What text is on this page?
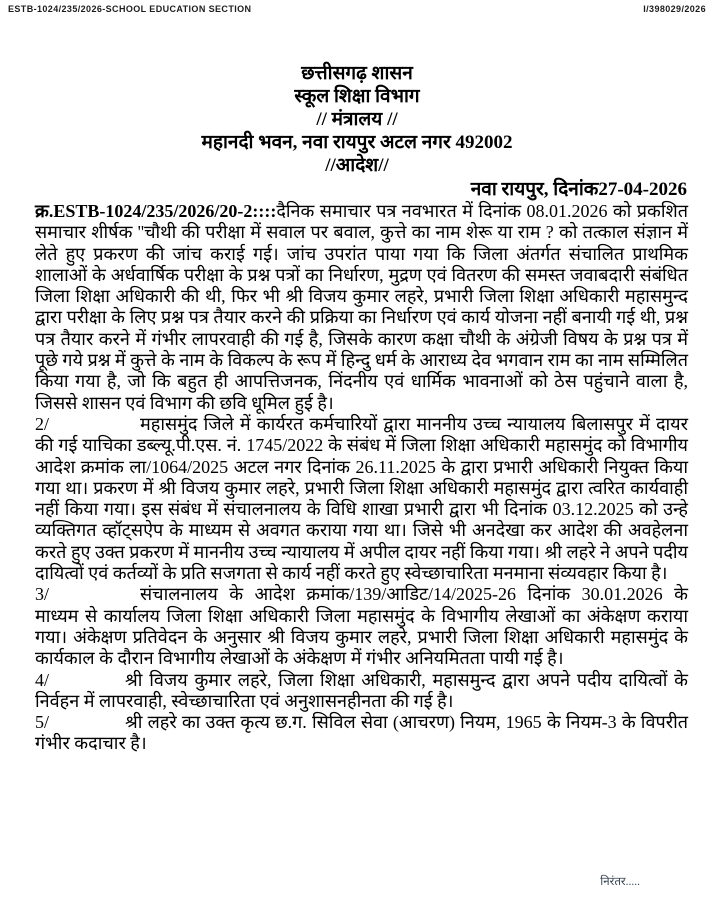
ESTB-1024/235/2026-SCHOOL EDUCATION SECTION	I/398029/2026
छत्तीसगढ़ शासन
स्कूल शिक्षा विभाग
// मंत्रालय //
महानदी भवन, नवा रायपुर अटल नगर 492002
//आदेश//
नवा रायपुर, दिनांक27-04-2026

क्र.ESTB-1024/235/2026/20-2::::दैनिक समाचार पत्र नवभारत में दिनांक 08.01.2026 को प्रकशित समाचार शीर्षक ''चौथी की परीक्षा में सवाल पर बवाल, कुत्ते का नाम शेरू या राम ? को तत्काल संज्ञान में लेते हुए प्रकरण की जांच कराई गई। जांच उपरांत पाया गया कि जिला अंतर्गत संचालित प्राथमिक शालाओं के अर्धवार्षिक परीक्षा के प्रश्न पत्रों का निर्धारण, मुद्रण एवं वितरण की समस्त जवाबदारी संबंधित जिला शिक्षा अधिकारी की थी, फिर भी श्री विजय कुमार लहरे, प्रभारी जिला शिक्षा अधिकारी महासमुन्द द्वारा परीक्षा के लिए प्रश्न पत्र तैयार करने की प्रक्रिया का निर्धारण एवं कार्य योजना नहीं बनायी गई थी, प्रश्न पत्र तैयार करने में गंभीर लापरवाही की गई है, जिसके कारण कक्षा चौथी के अंग्रेजी विषय के प्रश्न पत्र में पूछे गये प्रश्न में कुत्ते के नाम के विकल्प के रूप में हिन्दु धर्म के आराध्य देव भगवान राम का नाम सम्मिलित किया गया है, जो कि बहुत ही आपत्तिजनक, निंदनीय एवं धार्मिक भावनाओं को ठेस पहुंचाने वाला है, जिससे शासन एवं विभाग की छवि धूमिल हुई है।

2/	महासमुंद जिले में कार्यरत कर्मचारियों द्वारा माननीय उच्च न्यायालय बिलासपुर में दायर की गई याचिका डब्ल्यू.पी.एस. नं. 1745/2022 के संबंध में जिला शिक्षा अधिकारी महासमुंद को विभागीय आदेश क्रमांक ला/1064/2025 अटल नगर दिनांक 26.11.2025 के द्वारा प्रभारी अधिकारी नियुक्त किया गया था। प्रकरण में श्री विजय कुमार लहरे, प्रभारी जिला शिक्षा अधिकारी महासमुंद द्वारा त्वरित कार्यवाही नहीं किया गया। इस संबंध में संचालनालय के विधि शाखा प्रभारी द्वारा भी दिनांक 03.12.2025 को उन्हे व्यक्तिगत व्हॉट्सऐप के माध्यम से अवगत कराया गया था। जिसे भी अनदेखा कर आदेश की अवहेलना करते हुए उक्त प्रकरण में माननीय उच्च न्यायालय में अपील दायर नहीं किया गया। श्री लहरे ने अपने पदीय दायित्वों एवं कर्तव्यों के प्रति सजगता से कार्य नहीं करते हुए स्वेच्छाचारिता मनमाना संव्यवहार किया है।

3/	संचालनालय के आदेश क्रमांक/139/आडिट/14/2025-26 दिनांक 30.01.2026 के माध्यम से कार्यालय जिला शिक्षा अधिकारी जिला महासमुंद के विभागीय लेखाओं का अंकेक्षण कराया गया। अंकेक्षण प्रतिवेदन के अनुसार श्री विजय कुमार लहरे, प्रभारी जिला शिक्षा अधिकारी महासमुंद के कार्यकाल के दौरान विभागीय लेखाओं के अंकेक्षण में गंभीर अनियमितता पायी गई है।

4/	श्री विजय कुमार लहरे, जिला शिक्षा अधिकारी, महासमुन्द द्वारा अपने पदीय दायित्वों के निर्वहन में लापरवाही, स्वेच्छाचारिता एवं अनुशासनहीनता की गई है।

5/	श्री लहरे का उक्त कृत्य छ.ग. सिविल सेवा (आचरण) नियम, 1965 के नियम-3 के विपरीत गंभीर कदाचार है।

निरंतर.....
